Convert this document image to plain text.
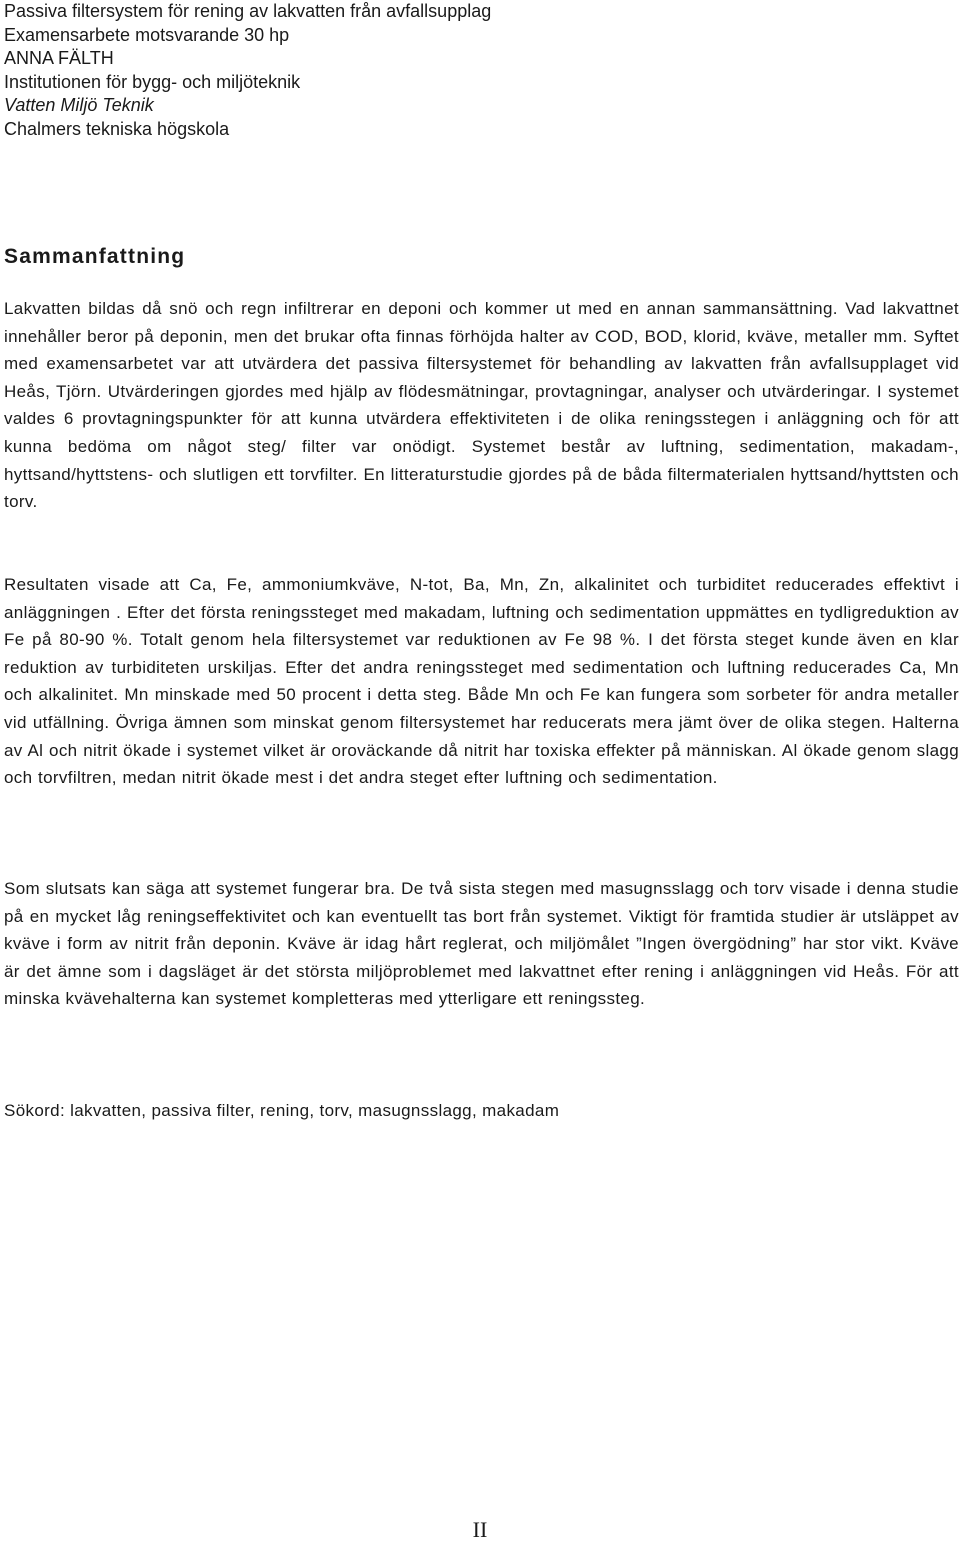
Passiva filtersystem för rening av lakvatten från avfallsupplag
Examensarbete motsvarande 30 hp
ANNA FÄLTH
Institutionen för bygg- och miljöteknik
Vatten Miljö Teknik
Chalmers tekniska högskola
Sammanfattning

Lakvatten bildas då snö och regn infiltrerar en deponi och kommer ut med en annan sammansättning. Vad lakvattnet innehåller beror på deponin, men det brukar ofta finnas förhöjda halter av COD, BOD, klorid, kväve, metaller mm. Syftet med examensarbetet var att utvärdera det passiva filtersystemet för behandling av lakvatten från avfallsupplaget vid Heås, Tjörn. Utvärderingen gjordes med hjälp av flödesmätningar, provtagningar, analyser och utvärderingar. I systemet valdes 6 provtagningspunkter för att kunna utvärdera effektiviteten i de olika reningsstegen i anläggning och för att kunna bedöma om något steg/ filter var onödigt. Systemet består av luftning, sedimentation, makadam-, hyttsand/hyttstens- och slutligen ett torvfilter. En litteraturstudie gjordes på de båda filtermaterialen hyttsand/hyttsten och torv.

Resultaten visade att Ca, Fe, ammoniumkväve, N-tot, Ba, Mn, Zn, alkalinitet och turbiditet reducerades effektivt i anläggningen . Efter det första reningssteget med makadam, luftning och sedimentation uppmättes en tydligreduktion av Fe på 80-90 %. Totalt genom hela filtersystemet var reduktionen av Fe 98 %. I det första steget kunde även en klar reduktion av turbiditeten urskiljas. Efter det andra reningssteget med sedimentation och luftning reducerades Ca, Mn och alkalinitet. Mn minskade med 50 procent i detta steg. Både Mn och Fe kan fungera som sorbeter för andra metaller vid utfällning. Övriga ämnen som minskat genom filtersystemet har reducerats mera jämt över de olika stegen. Halterna av Al och nitrit ökade i systemet vilket är oroväckande då nitrit har toxiska effekter på människan. Al ökade genom slagg och torvfiltren, medan nitrit ökade mest i det andra steget efter luftning och sedimentation.

Som slutsats kan säga att systemet fungerar bra. De två sista stegen med masugnsslagg och torv visade i denna studie på en mycket låg reningseffektivitet och kan eventuellt tas bort från systemet. Viktigt för framtida studier är utsläppet av kväve i form av nitrit från deponin. Kväve är idag hårt reglerat, och miljömålet ”Ingen övergödning” har stor vikt. Kväve är det ämne som i dagsläget är det största miljöproblemet med lakvattnet efter rening i anläggningen vid Heås. För att minska kvävehalterna kan systemet kompletteras med ytterligare ett reningssteg.

Sökord: lakvatten, passiva filter, rening, torv, masugnsslagg, makadam

II
